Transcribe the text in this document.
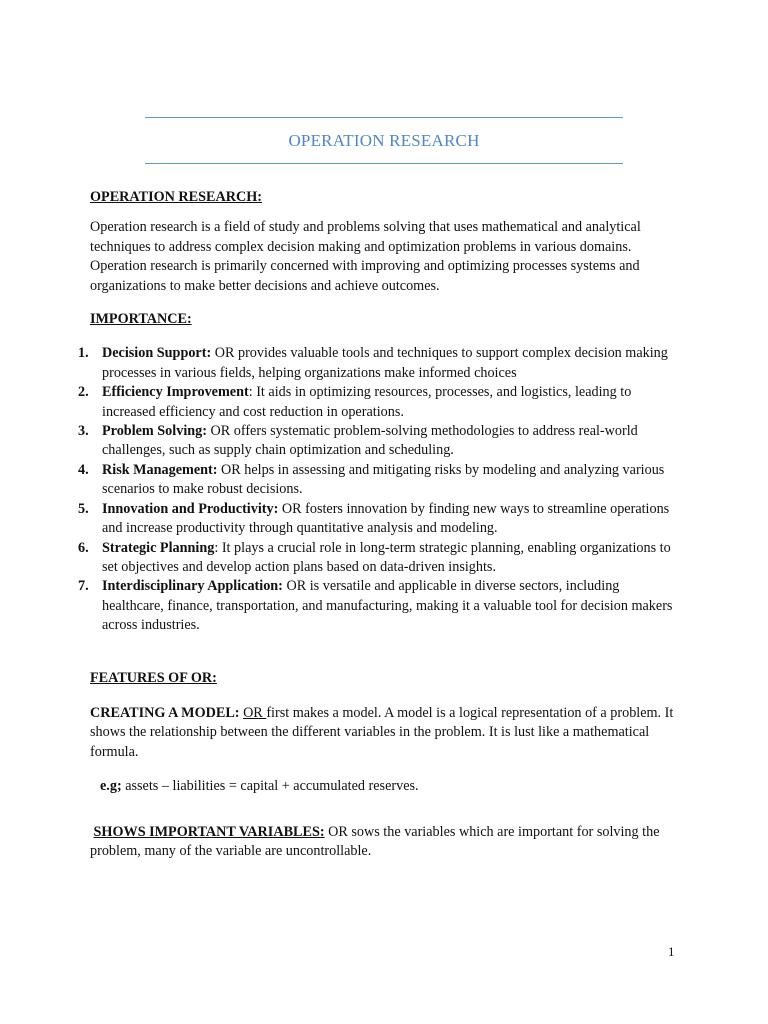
OPERATION RESEARCH

OPERATION RESEARCH:

Operation research is a field of study and problems solving that uses mathematical and analytical techniques to address complex decision making and optimization problems in various domains. Operation research is primarily concerned with improving and optimizing processes systems and organizations to make better decisions and achieve outcomes.

IMPORTANCE:

1. Decision Support: OR provides valuable tools and techniques to support complex decision making processes in various fields, helping organizations make informed choices
2. Efficiency Improvement: It aids in optimizing resources, processes, and logistics, leading to increased efficiency and cost reduction in operations.
3. Problem Solving: OR offers systematic problem-solving methodologies to address real-world challenges, such as supply chain optimization and scheduling.
4. Risk Management: OR helps in assessing and mitigating risks by modeling and analyzing various scenarios to make robust decisions.
5. Innovation and Productivity: OR fosters innovation by finding new ways to streamline operations and increase productivity through quantitative analysis and modeling.
6. Strategic Planning: It plays a crucial role in long-term strategic planning, enabling organizations to set objectives and develop action plans based on data-driven insights.
7. Interdisciplinary Application: OR is versatile and applicable in diverse sectors, including healthcare, finance, transportation, and manufacturing, making it a valuable tool for decision makers across industries.

FEATURES OF OR:

CREATING A MODEL: OR first makes a model. A model is a logical representation of a problem. It shows the relationship between the different variables in the problem. It is lust like a mathematical formula.

e.g; assets – liabilities = capital + accumulated reserves.

SHOWS IMPORTANT VARIABLES: OR sows the variables which are important for solving the problem, many of the variable are uncontrollable.

1
